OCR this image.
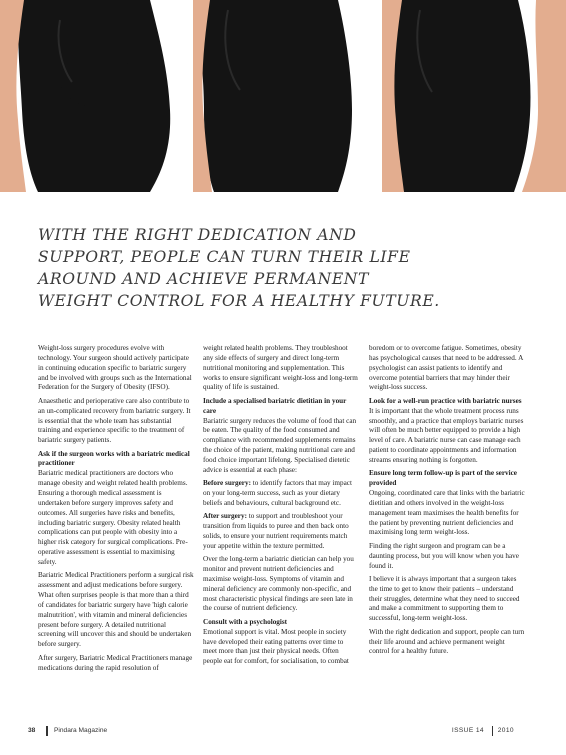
WITH THE RIGHT DEDICATION AND
SUPPORT, PEOPLE CAN TURN THEIR LIFE
AROUND AND ACHIEVE PERMANENT
WEIGHT CONTROL FOR A HEALTHY FUTURE.

Weight-loss surgery procedures evolve with technology. Your surgeon should actively participate in continuing education specific to bariatric surgery and be involved with groups such as the International Federation for the Surgery of Obesity (IFSO).

Anaesthetic and perioperative care also contribute to an un-complicated recovery from bariatric surgery. It is essential that the whole team has substantial training and experience specific to the treatment of bariatric surgery patients.

Ask if the surgeon works with a bariatric medical practitioner

Bariatric medical practitioners are doctors who manage obesity and weight related health problems. Ensuring a thorough medical assessment is undertaken before surgery improves safety and outcomes. All surgeries have risks and benefits, including bariatric surgery. Obesity related health complications can put people with obesity into a higher risk category for surgical complications. Pre-operative assessment is essential to maximising safety.

Bariatric Medical Practitioners perform a surgical risk assessment and adjust medications before surgery. What often surprises people is that more than a third of candidates for bariatric surgery have 'high calorie malnutrition', with vitamin and mineral deficiencies present before surgery. A detailed nutritional screening will uncover this and should be undertaken before surgery.

After surgery, Bariatric Medical Practitioners manage medications during the rapid resolution of

weight related health problems. They troubleshoot any side effects of surgery and direct long-term nutritional monitoring and supplementation. This works to ensure significant weight-loss and long-term quality of life is sustained.

Include a specialised bariatric dietitian in your care

Bariatric surgery reduces the volume of food that can be eaten. The quality of the food consumed and compliance with recommended supplements remains the choice of the patient, making nutritional care and food choice important lifelong. Specialised dietetic advice is essential at each phase:

Before surgery: to identify factors that may impact on your long-term success, such as your dietary beliefs and behaviours, cultural background etc.

After surgery: to support and troubleshoot your transition from liquids to puree and then back onto solids, to ensure your nutrient requirements match your appetite within the texture permitted.

Over the long-term a bariatric dietician can help you monitor and prevent nutrient deficiencies and maximise weight-loss. Symptoms of vitamin and mineral deficiency are commonly non-specific, and most characteristic physical findings are seen late in the course of nutrient deficiency.

Consult with a psychologist

Emotional support is vital. Most people in society have developed their eating patterns over time to meet more than just their physical needs. Often people eat for comfort, for socialisation, to combat

boredom or to overcome fatigue. Sometimes, obesity has psychological causes that need to be addressed. A psychologist can assist patients to identify and overcome potential barriers that may hinder their weight-loss success.

Look for a well-run practice with bariatric nurses

It is important that the whole treatment process runs smoothly, and a practice that employs bariatric nurses will often be much better equipped to provide a high level of care. A bariatric nurse can case manage each patient to coordinate appointments and information streams ensuring nothing is forgotten.

Ensure long term follow-up is part of the service provided

Ongoing, coordinated care that links with the bariatric dietitian and others involved in the weight-loss management team maximises the health benefits for the patient by preventing nutrient deficiencies and maximising long term weight-loss.

Finding the right surgeon and program can be a daunting process, but you will know when you have found it.

I believe it is always important that a surgeon takes the time to get to know their patients – understand their struggles, determine what they need to succeed and make a commitment to supporting them to successful, long-term weight-loss.

With the right dedication and support, people can turn their life around and achieve permanent weight control for a healthy future.

38	Pindara Magazine	ISSUE 14 2010
